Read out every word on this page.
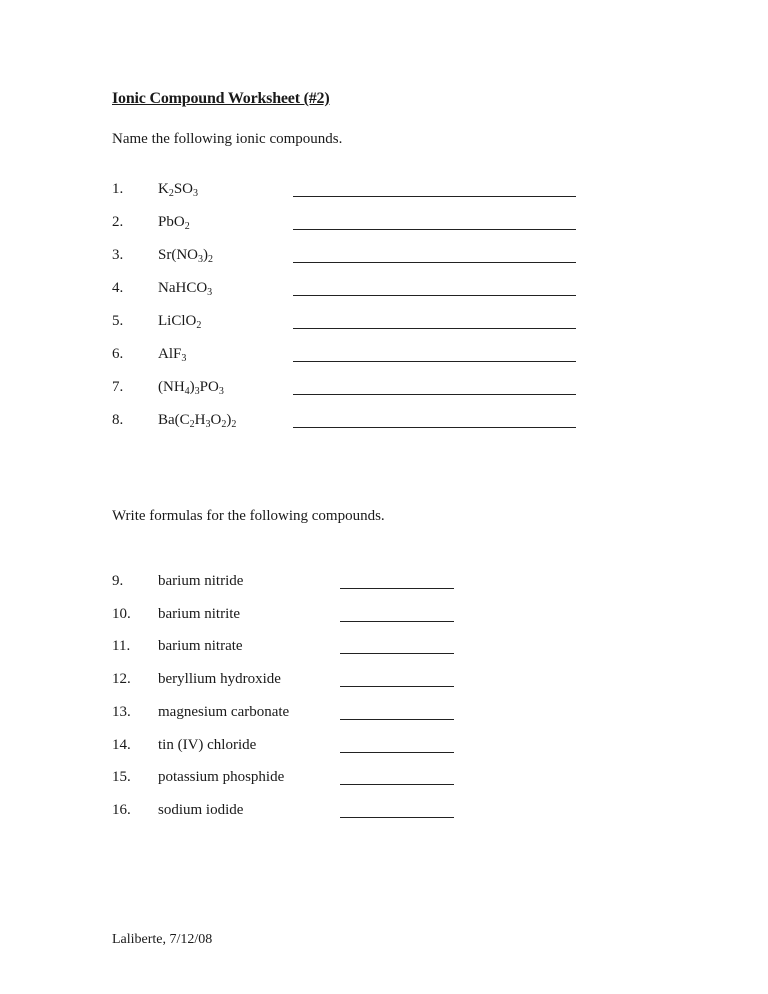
Ionic Compound Worksheet (#2)
Name the following ionic compounds.
1. $K_2SO_3$
2. PbO$_2$
3. $Sr(NO_3)_2$
4. NaHCO$_3$
5. LiClO$_2$
6. AlF$_3$
7. $(NH_4)_3PO_3$
8. $Ba(C_2H_3O_2)_2$
Write formulas for the following compounds.
9. barium nitride
10. barium nitrite
11. barium nitrate
12. beryllium hydroxide
13. magnesium carbonate
14. tin (IV) chloride
15. potassium phosphide
16. sodium iodide
Laliberte, 7/12/08
